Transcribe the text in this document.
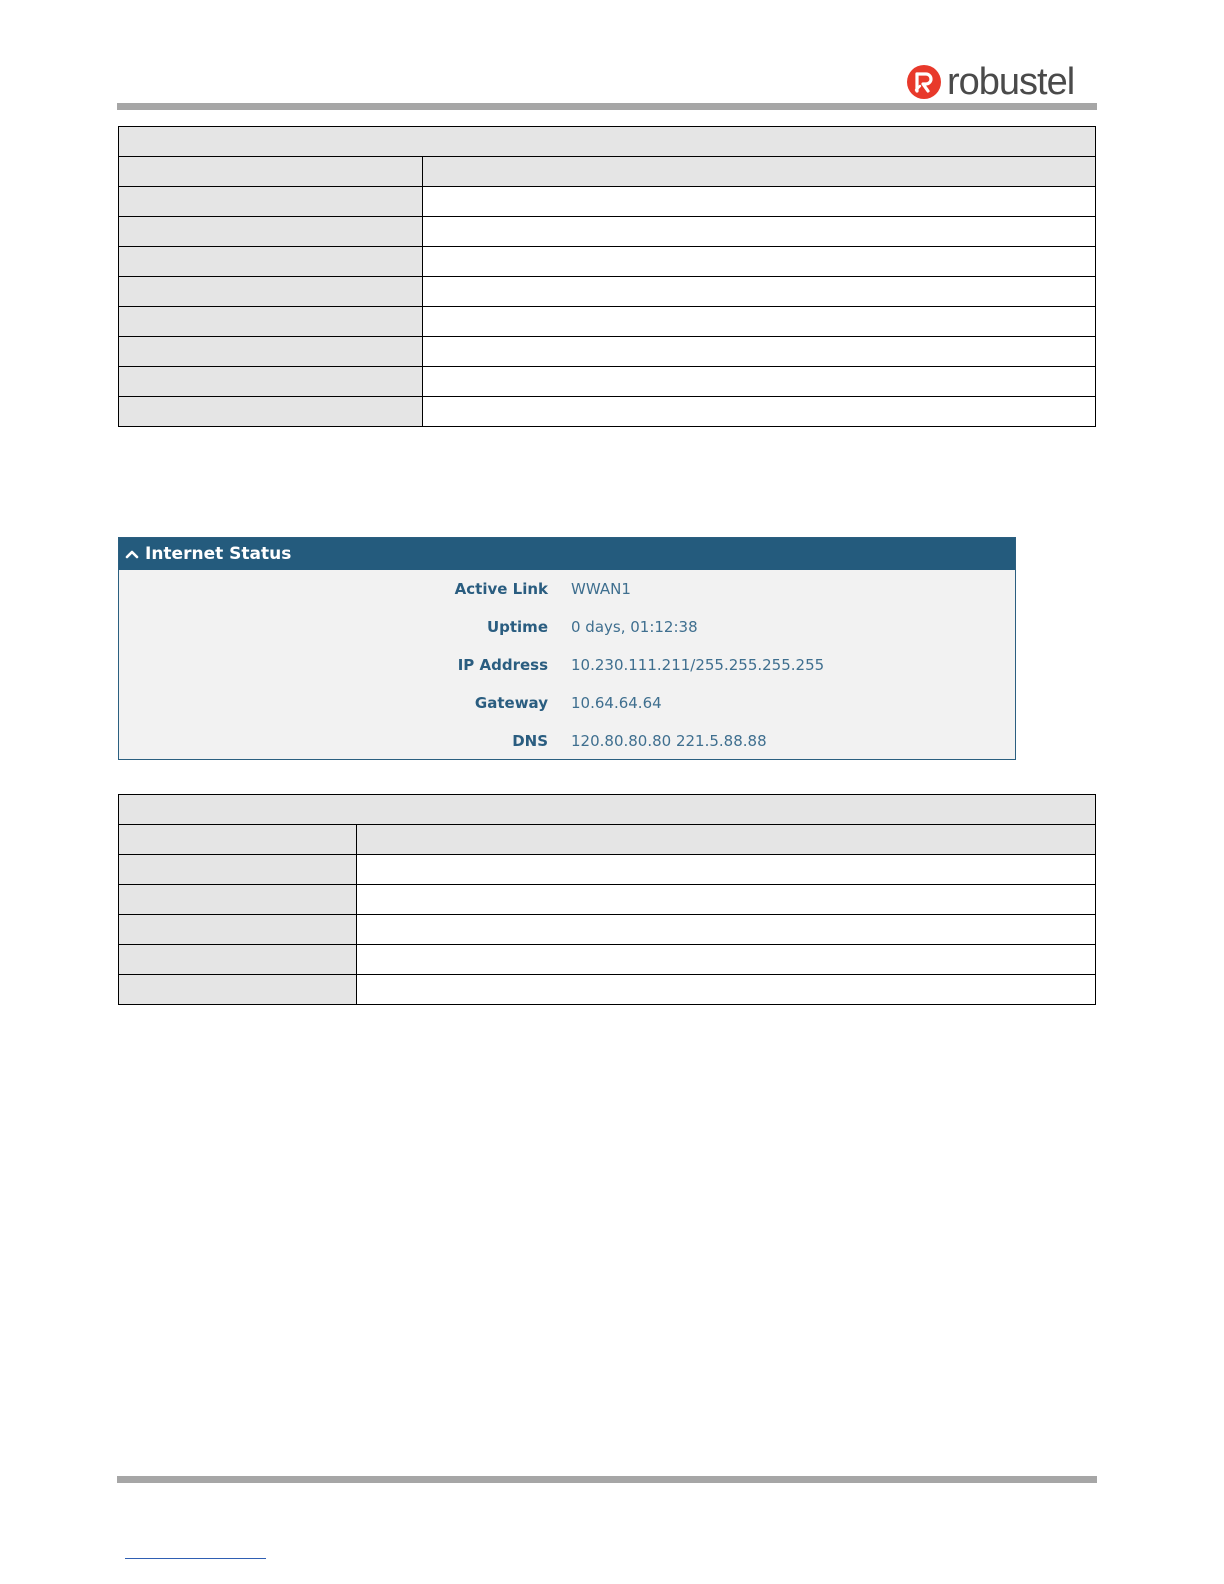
robustel

Internet Status
Active Link WWAN1
Uptime 0 days, 01:12:38
IP Address 10.230.111.211/255.255.255.255
Gateway 10.64.64.64
DNS 120.80.80.80 221.5.88.88
